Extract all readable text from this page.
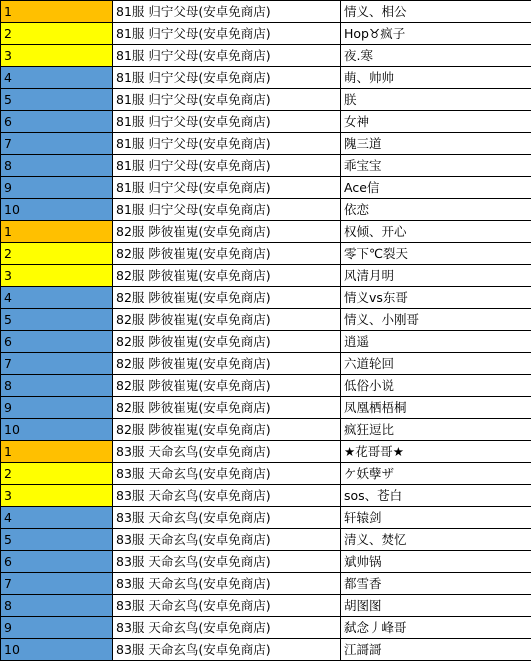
1	81服 归宁父母(安卓免商店)	情义、相公
2	81服 归宁父母(安卓免商店)	Hop♉疯子
3	81服 归宁父母(安卓免商店)	夜.寒
4	81服 归宁父母(安卓免商店)	萌、帅帅
5	81服 归宁父母(安卓免商店)	朕
6	81服 归宁父母(安卓免商店)	女神
7	81服 归宁父母(安卓免商店)	隗三道
8	81服 归宁父母(安卓免商店)	乖宝宝
9	81服 归宁父母(安卓免商店)	Ace信
10	81服 归宁父母(安卓免商店)	依恋
1	82服 陟彼崔嵬(安卓免商店)	权倾、开心
2	82服 陟彼崔嵬(安卓免商店)	零下℃裂天
3	82服 陟彼崔嵬(安卓免商店)	风清月明
4	82服 陟彼崔嵬(安卓免商店)	情义vs东哥
5	82服 陟彼崔嵬(安卓免商店)	情义、小刚哥
6	82服 陟彼崔嵬(安卓免商店)	逍遥
7	82服 陟彼崔嵬(安卓免商店)	六道轮回
8	82服 陟彼崔嵬(安卓免商店)	低俗小说
9	82服 陟彼崔嵬(安卓免商店)	凤凰栖梧桐
10	82服 陟彼崔嵬(安卓免商店)	疯狂逗比
1	83服 天命玄鸟(安卓免商店)	★花哥哥★
2	83服 天命玄鸟(安卓免商店)	ケ妖孽ザ
3	83服 天命玄鸟(安卓免商店)	sos、苍白
4	83服 天命玄鸟(安卓免商店)	轩辕剑
5	83服 天命玄鸟(安卓免商店)	清义、焚忆
6	83服 天命玄鸟(安卓免商店)	斌帅锅
7	83服 天命玄鸟(安卓免商店)	都雪香
8	83服 天命玄鸟(安卓免商店)	胡图图
9	83服 天命玄鸟(安卓免商店)	弑念丿峰哥
10	83服 天命玄鸟(安卓免商店)	江謌謌
